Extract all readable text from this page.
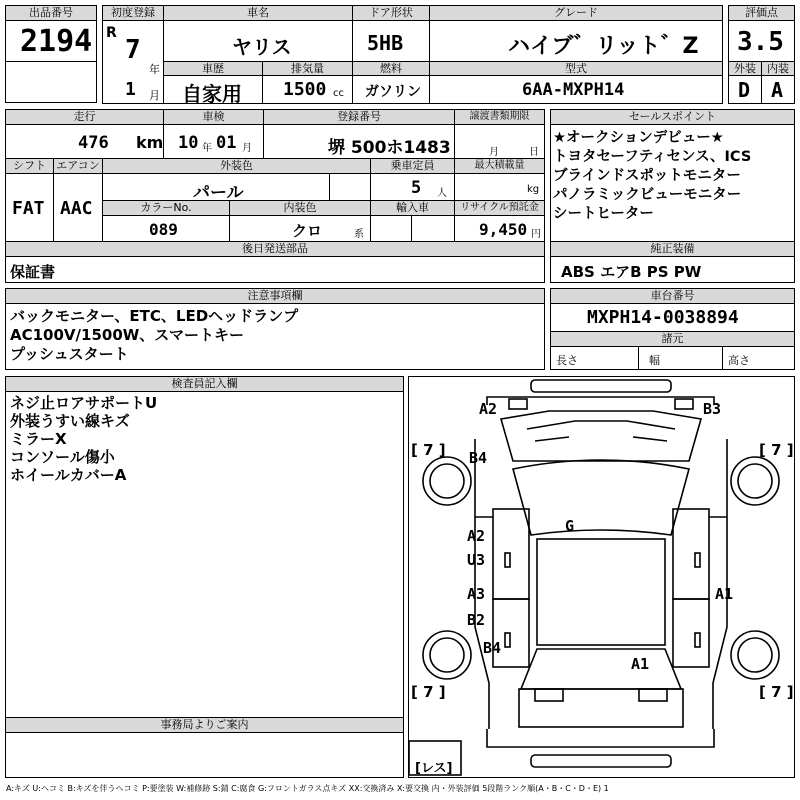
出品番号
2194
初度登録
R
7
年
1 月
車名
ヤリス
ドア形状
5HB
グレード
ハイブ゛リット゛Z
車歴
自家用
排気量
1500 cc
燃料
ガソリン
型式
6AA-MXPH14
評価点
3.5
外装	内装
D A
走行
476 km
車検
10 年 01 月
登録番号
堺 500ホ1483
譲渡書類期限
月	日
シフト
FAT
エアコン
AAC
外装色
パール
乗車定員
5 人
最大積載量
kg
カラーNo.
089
内装色
クロ	系
輸入車	リサイクル預託金
9,450 円
後日発送部品
保証書
セールスポイント
★オークションデビュー★
トヨタセーフティセンス、ICS
ブラインドスポットモニター
パノラミックビューモニター
シートヒーター
純正装備
ABS エアB PS PW
注意事項欄
バックモニター、ETC、LEDヘッドランプ
AC100V/1500W、スマートキー
プッシュスタート
車台番号
MXPH14-0038894
諸元
長さ	幅	高さ
検査員記入欄
ネジ止ロアサポートU
外装うすい線キズ
ミラーX
コンソール傷小
ホイールカバーA
事務局よりご案内
[ 7 ]	[ 7 ]
[ 7 ]	[ 7 ]
[レス]
A2	B3
B4
G
A2
U3
A3
B2
A1
B4
A1
A:キズ U:ヘコミ B:キズを伴うヘコミ P:要塗装 W:補修跡 S:錆 C:腐食 G:フロントガラス点キズ XX:交換済み X:要交換 内・外装評価 5段階ランク順(A・B・C・D・E) 1
